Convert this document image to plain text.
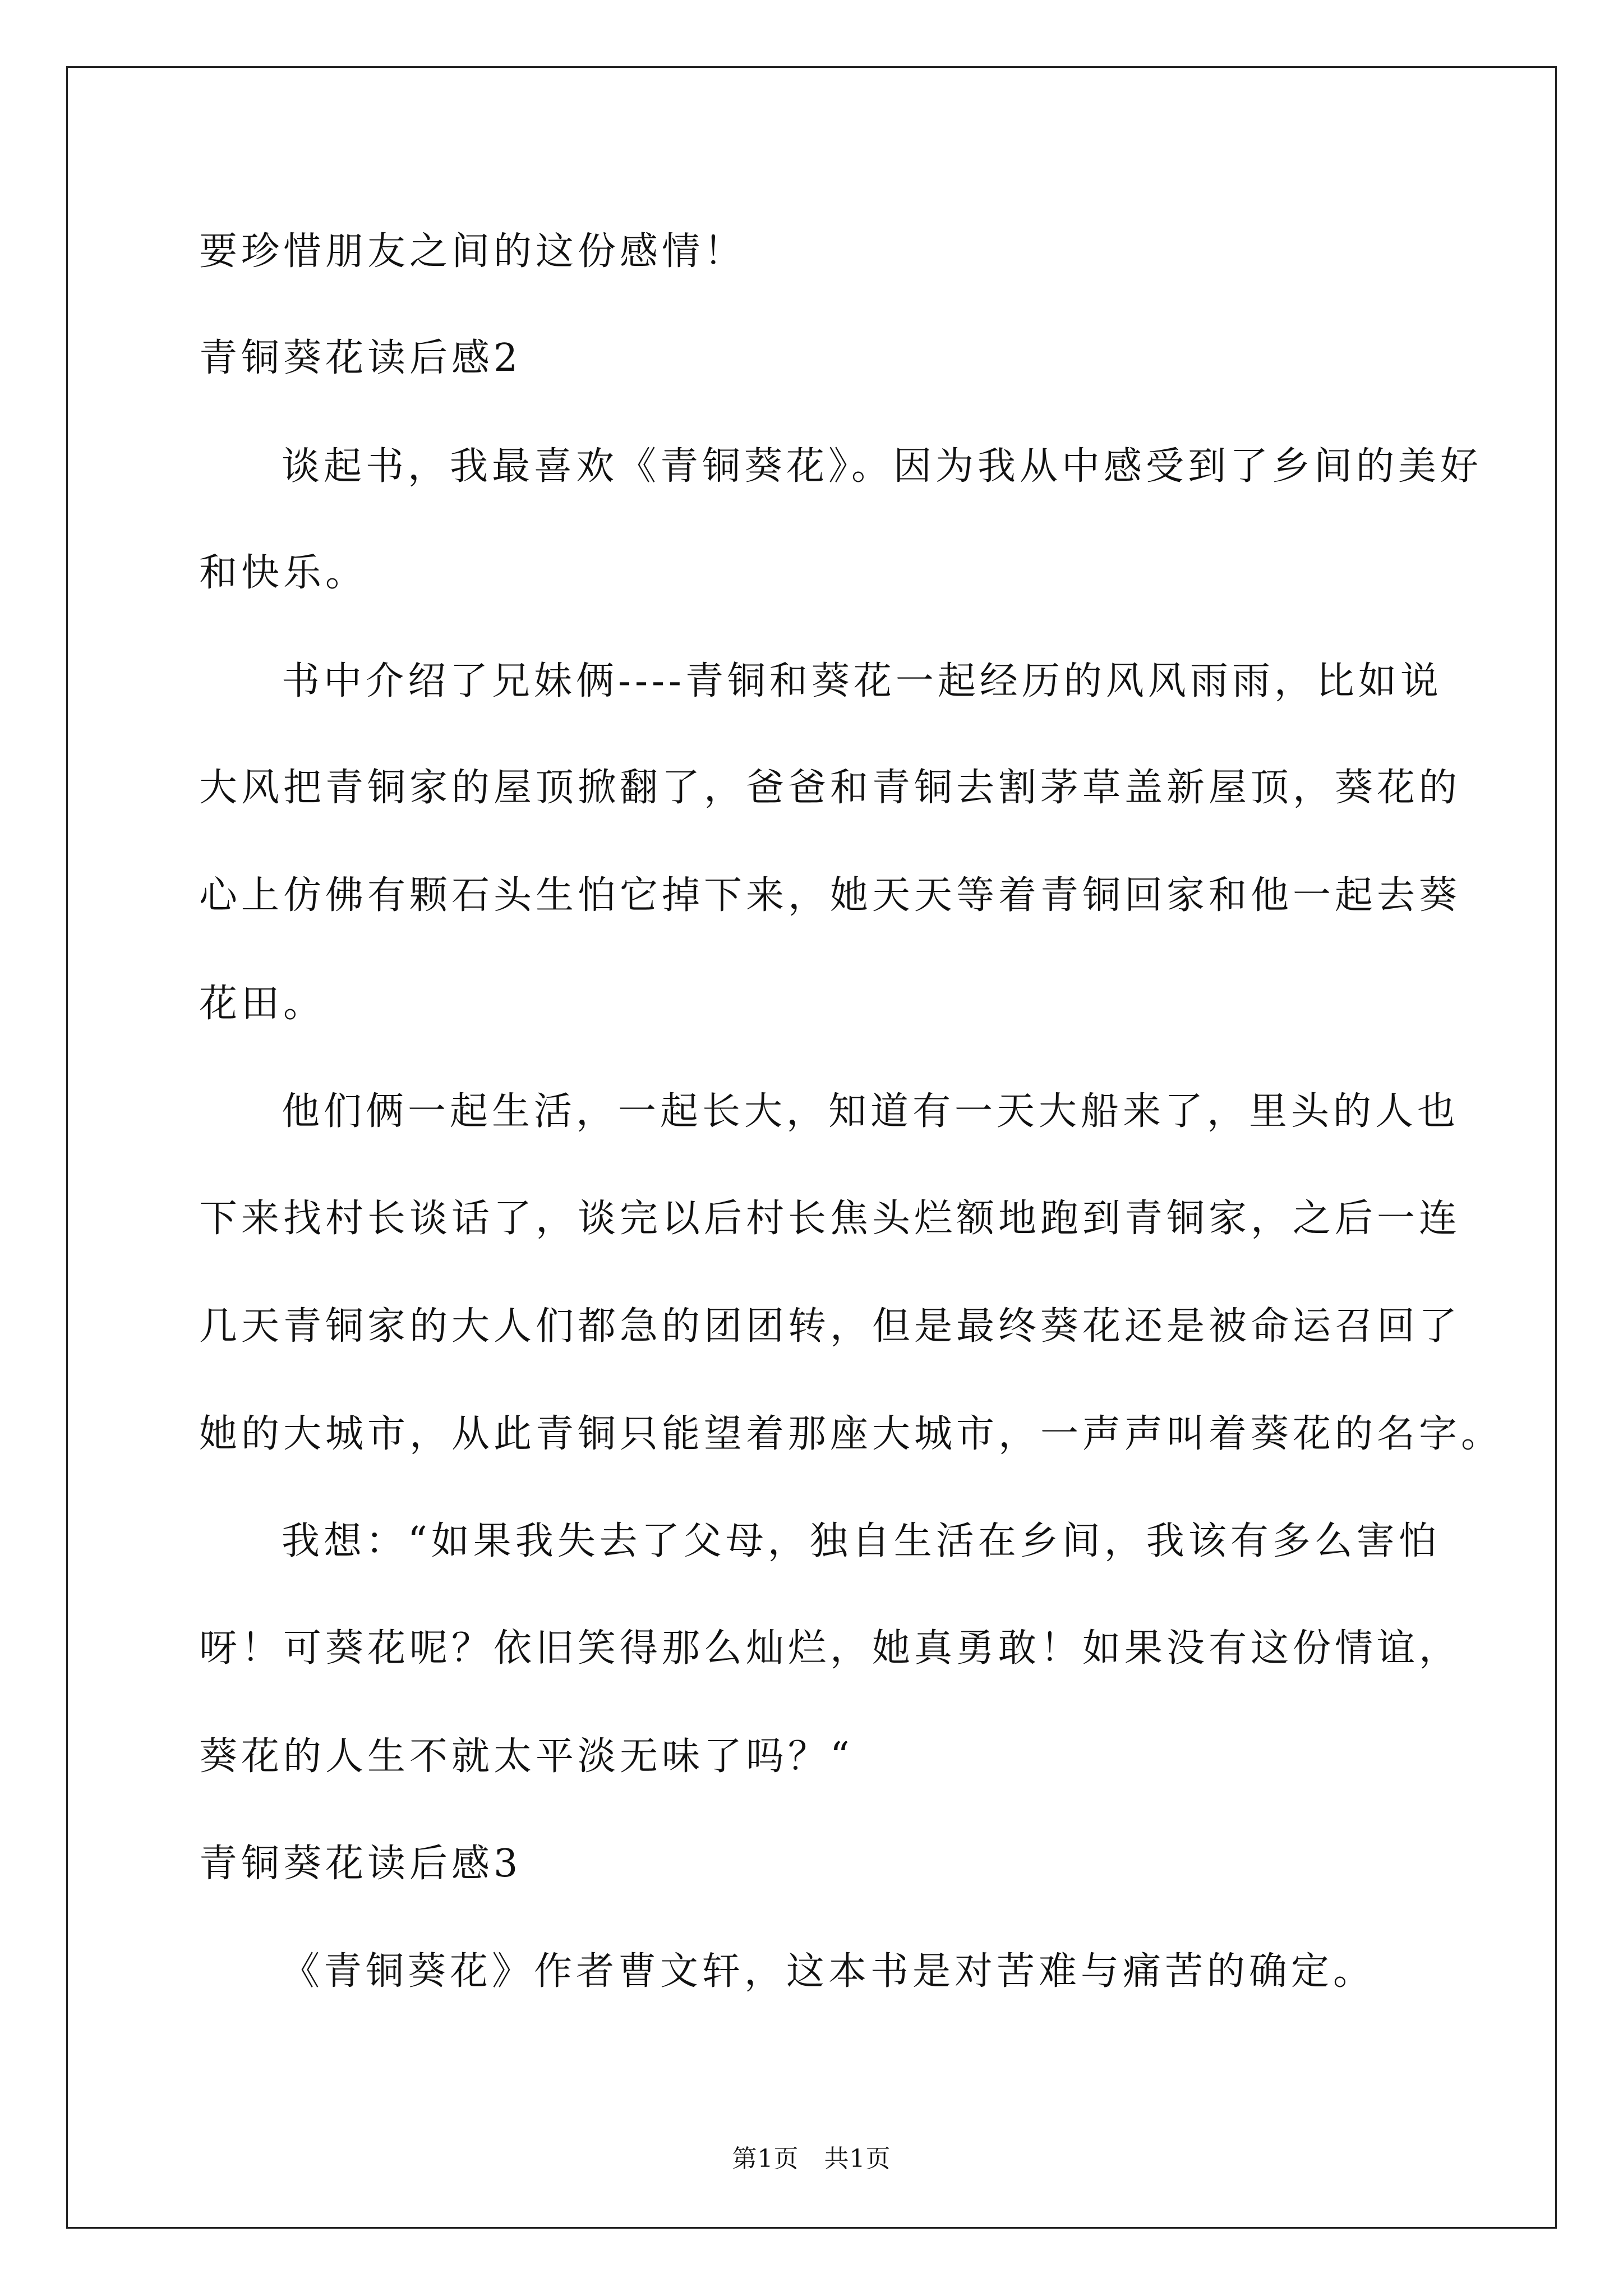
要珍惜朋友之间的这份感情！
青铜葵花读后感2
谈起书，我最喜欢《青铜葵花》。因为我从中感受到了乡间的美好
和快乐。
书中介绍了兄妹俩----青铜和葵花一起经历的风风雨雨，比如说
大风把青铜家的屋顶掀翻了，爸爸和青铜去割茅草盖新屋顶，葵花的
心上仿佛有颗石头生怕它掉下来，她天天等着青铜回家和他一起去葵
花田。
他们俩一起生活，一起长大，知道有一天大船来了，里头的人也
下来找村长谈话了，谈完以后村长焦头烂额地跑到青铜家，之后一连
几天青铜家的大人们都急的团团转，但是最终葵花还是被命运召回了
她的大城市，从此青铜只能望着那座大城市，一声声叫着葵花的名字。
我想：“如果我失去了父母，独自生活在乡间，我该有多么害怕
呀！可葵花呢？依旧笑得那么灿烂，她真勇敢！如果没有这份情谊，
葵花的人生不就太平淡无味了吗？“
青铜葵花读后感3
《青铜葵花》作者曹文轩，这本书是对苦难与痛苦的确定。
第1页   共1页
